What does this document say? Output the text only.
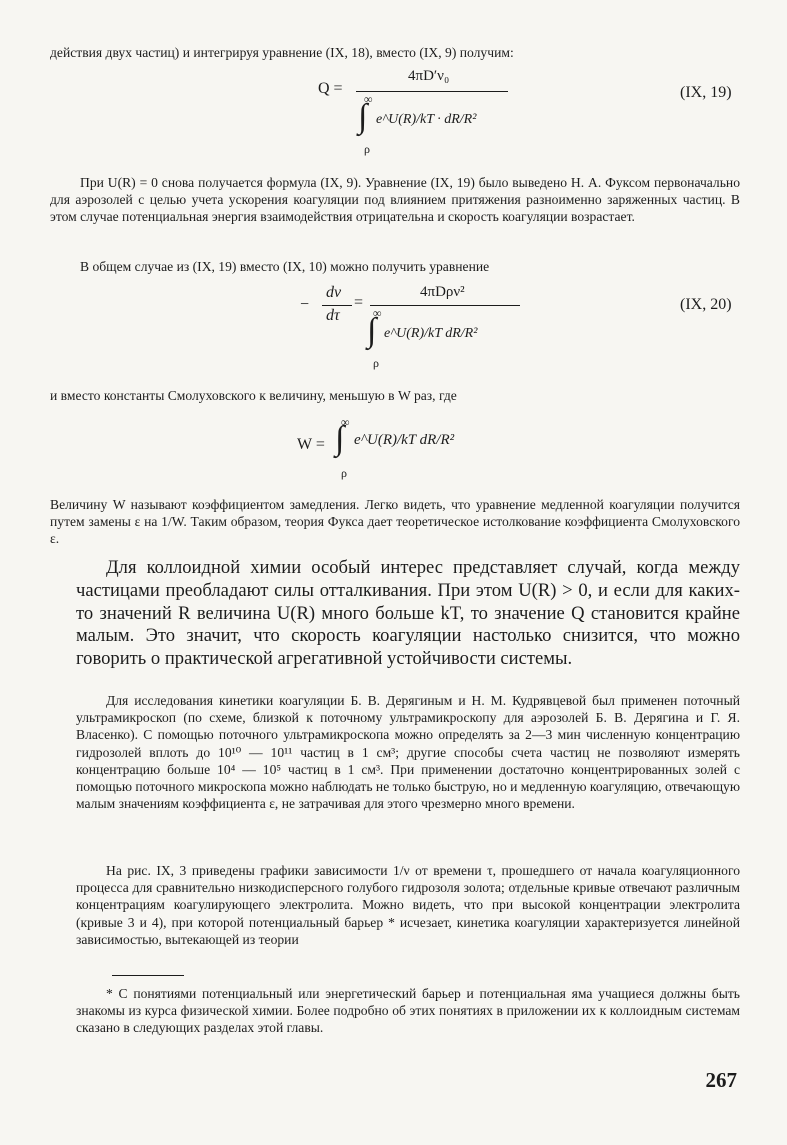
действия двух частиц) и интегрируя уравнение (IX, 18), вместо (IX, 9) получим:

Q =
4πD′ν₀
∞
∫ e^U(R)/kT · dR/R²
ρ
(IX, 19)

При U(R) = 0 снова получается формула (IX, 9). Уравнение (IX, 19) было выведено Н. А. Фуксом первоначально для аэрозолей с целью учета ускорения коагуляции под влиянием притяжения разноименно заряженных частиц. В этом случае потенциальная энергия взаимодействия отрицательна и скорость коагуляции возрастает.

В общем случае из (IX, 19) вместо (IX, 10) можно получить уравнение

−
dν
dτ
=
4πDρν²
∞
∫ e^U(R)/kT dR/R²
ρ
(IX, 20)

и вместо константы Смолуховского к величину, меньшую в W раз, где

∞
W = ∫ e^U(R)/kT dR/R²
ρ

Величину W называют коэффициентом замедления. Легко видеть, что уравнение медленной коагуляции получится путем замены ε на 1/W. Таким образом, теория Фукса дает теоретическое истолкование коэффициента Смолуховского ε.

Для коллоидной химии особый интерес представляет случай, когда между частицами преобладают силы отталкивания. При этом U(R) > 0, и если для каких-то значений R величина U(R) много больше kT, то значение Q становится крайне малым. Это значит, что скорость коагуляции настолько снизится, что можно говорить о практической агрегативной устойчивости системы.

Для исследования кинетики коагуляции Б. В. Дерягиным и Н. М. Кудрявцевой был применен поточный ультрамикроскоп (по схеме, близкой к поточному ультрамикроскопу для аэрозолей Б. В. Дерягина и Г. Я. Власенко). С помощью поточного ультрамикроскопа можно определять за 2—3 мин численную концентрацию гидрозолей вплоть до 10¹⁰ — 10¹¹ частиц в 1 см³; другие способы счета частиц не позволяют измерять концентрацию больше 10⁴ — 10⁵ частиц в 1 см³. При применении достаточно концентрированных золей с помощью поточного микроскопа можно наблюдать не только быструю, но и медленную коагуляцию, отвечающую малым значениям коэффициента ε, не затрачивая для этого чрезмерно много времени.

На рис. IX, 3 приведены графики зависимости 1/ν от времени τ, прошедшего от начала коагуляционного процесса для сравнительно низкодисперсного голубого гидрозоля золота; отдельные кривые отвечают различным концентрациям коагулирующего электролита. Можно видеть, что при высокой концентрации электролита (кривые 3 и 4), при которой потенциальный барьер * исчезает, кинетика коагуляции характеризуется линейной зависимостью, вытекающей из теории

* С понятиями потенциальный или энергетический барьер и потенциальная яма учащиеся должны быть знакомы из курса физической химии. Более подробно об этих понятиях в приложении их к коллоидным системам сказано в следующих разделах этой главы.

267
